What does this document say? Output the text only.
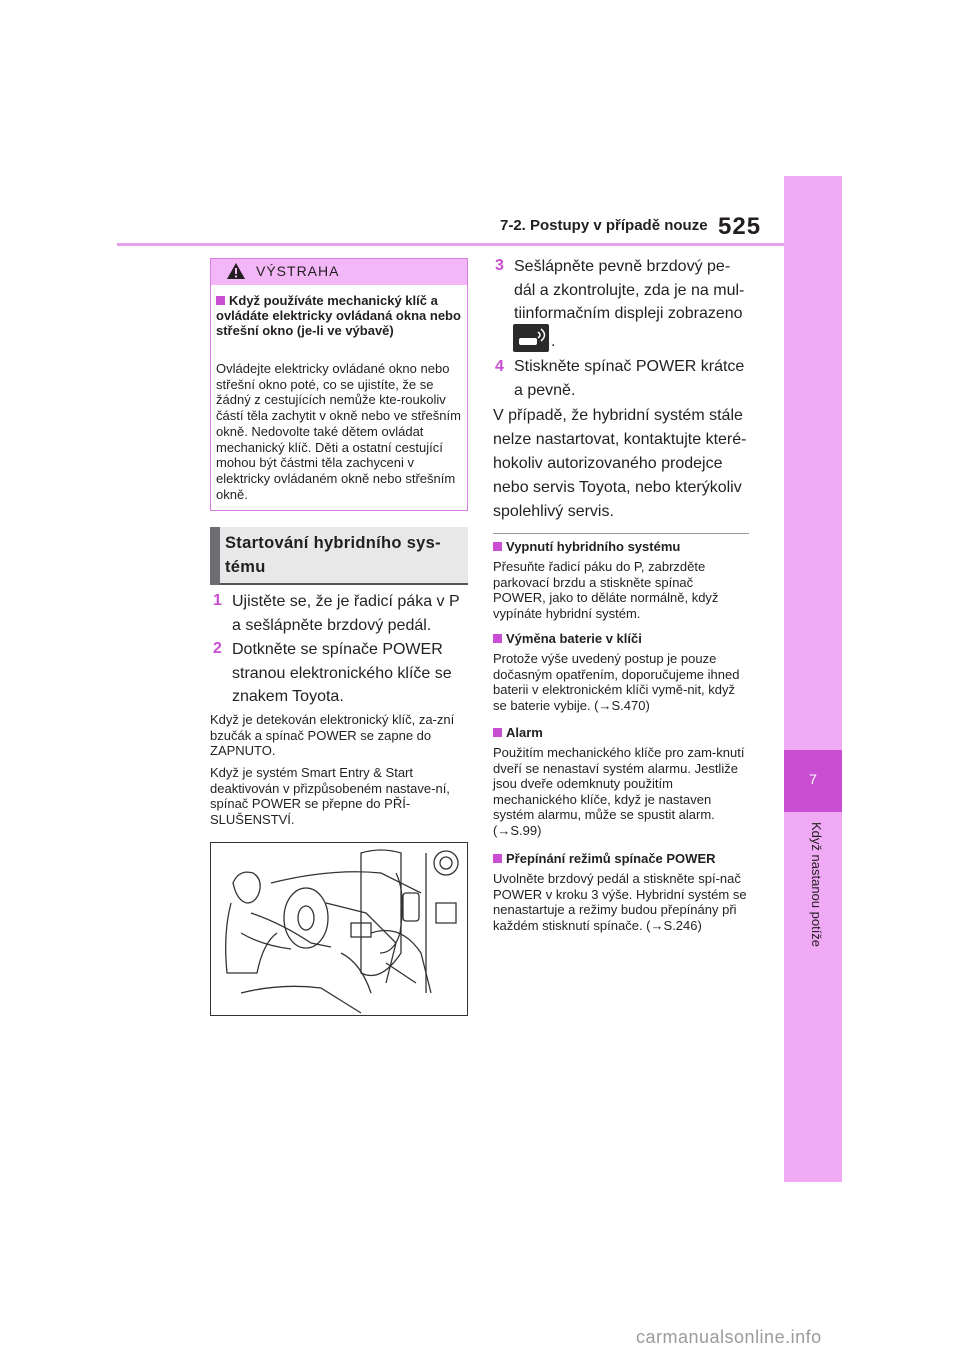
7-2. Postupy v případě nouze 525
7
Když nastanou potíže
VÝSTRAHA
Když používáte mechanický klíč a ovládáte elektricky ovládaná okna nebo střešní okno (je-li ve výbavě)
Ovládejte elektricky ovládané okno nebo střešní okno poté, co se ujistíte, že se žádný z cestujících nemůže kte-roukoliv částí těla zachytit v okně nebo ve střešním okně. Nedovolte také dětem ovládat mechanický klíč. Děti a ostatní cestující mohou být částmi těla zachyceni v elektricky ovládaném okně nebo střešním okně.
Startování hybridního sys-tému
1 Ujistěte se, že je řadicí páka v P a sešlápněte brzdový pedál.
2 Dotkněte se spínače POWER stranou elektronického klíče se znakem Toyota.
Když je detekován elektronický klíč, za-zní bzučák a spínač POWER se zapne do ZAPNUTO.
Když je systém Smart Entry & Start deaktivován v přizpůsobeném nastave-ní, spínač POWER se přepne do PŘÍ-SLUŠENSTVÍ.
3 Sešlápněte pevně brzdový pe-dál a zkontrolujte, zda je na mul-tiinformačním displeji zobrazeno
.
4 Stiskněte spínač POWER krátce a pevně.
V případě, že hybridní systém stále nelze nastartovat, kontaktujte které-hokoliv autorizovaného prodejce nebo servis Toyota, nebo kterýkoliv spolehlivý servis.
Vypnutí hybridního systému
Přesuňte řadicí páku do P, zabrzděte parkovací brzdu a stiskněte spínač POWER, jako to děláte normálně, když vypínáte hybridní systém.
Výměna baterie v klíči
Protože výše uvedený postup je pouze dočasným opatřením, doporučujeme ihned baterii v elektronickém klíči vymě-nit, když se baterie vybije. (→S.470)
Alarm
Použitím mechanického klíče pro zam-knutí dveří se nenastaví systém alarmu. Jestliže jsou dveře odemknuty použitím mechanického klíče, když je nastaven systém alarmu, může se spustit alarm. (→S.99)
Přepínání režimů spínače POWER
Uvolněte brzdový pedál a stiskněte spí-nač POWER v kroku 3 výše. Hybridní systém se nenastartuje a režimy budou přepínány při každém stisknutí spínače. (→S.246)
carmanualsonline.info
